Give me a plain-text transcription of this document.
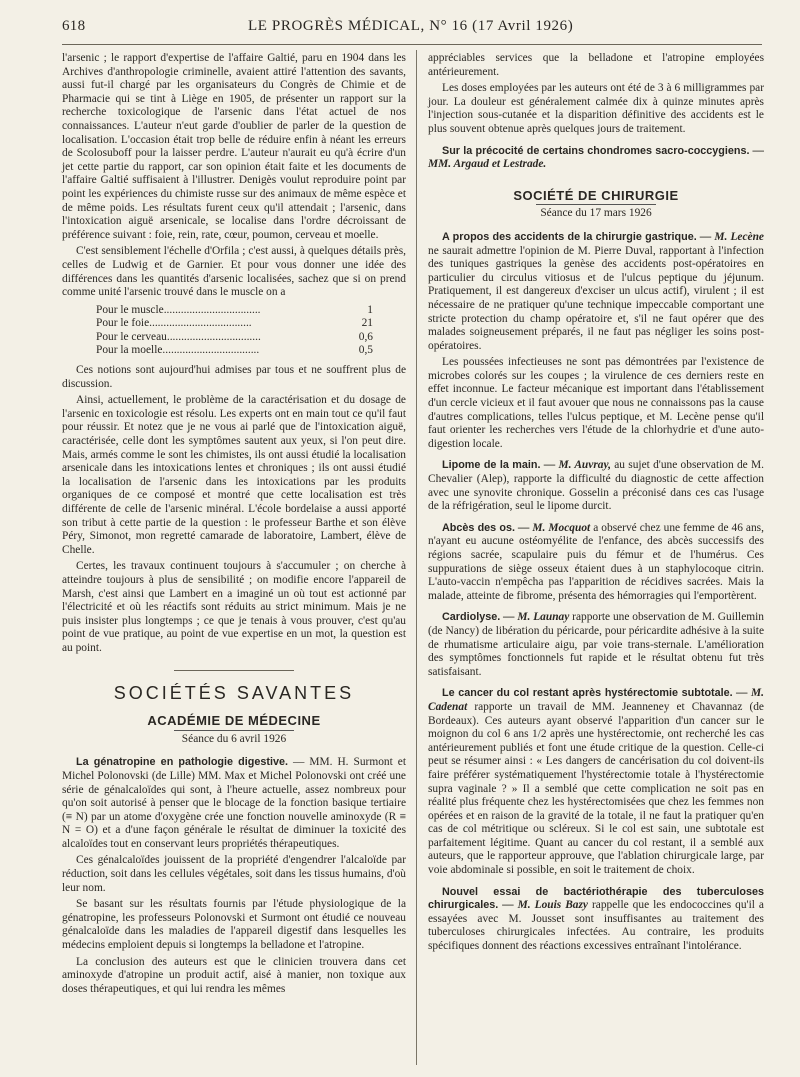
618	LE PROGRÈS MÉDICAL, N° 16 (17 Avril 1926)

l'arsenic ; le rapport d'expertise de l'affaire Galtié, paru en 1904 dans les Archives d'anthropologie criminelle, avaient attiré l'attention des savants, aussi fut-il chargé par les organisateurs du Congrès de Chimie et de Pharmacie qui se tint à Liège en 1905, de présenter un rapport sur la recherche toxicologique de l'arsenic dans l'état actuel de nos connaissances. L'auteur n'eut garde d'oublier de parler de la question de localisation. L'occasion était trop belle de réduire enfin à néant les erreurs de Scolosuboff pour la laisser perdre. L'auteur n'aurait eu qu'à écrire d'un jet cette partie du rapport, car son opinion était faite et les documents de l'affaire Galtié suffisaient à l'illustrer. Denigès voulut reproduire point par point les expériences du chimiste russe sur des animaux de même espèce et de même poids. Les résultats furent ceux qu'il attendait ; l'arsenic, dans l'intoxication aiguë arsenicale, se localise dans l'ordre décroissant de préférence suivant : foie, rein, rate, cœur, poumon, cerveau et moelle.

C'est sensiblement l'échelle d'Orfila ; c'est aussi, à quelques détails près, celles de Ludwig et de Garnier. Et pour vous donner une idée des différences dans les quantités d'arsenic localisées, sachez que si on prend comme unité l'arsenic trouvé dans le muscle on a

Pour le muscle..................................	1
Pour le foie....................................	21
Pour le cerveau.................................	0,6
Pour la moelle..................................	0,5

Ces notions sont aujourd'hui admises par tous et ne souffrent plus de discussion.

Ainsi, actuellement, le problème de la caractérisation et du dosage de l'arsenic en toxicologie est résolu. Les experts ont en main tout ce qu'il faut pour réussir. Et notez que je ne vous ai parlé que de l'intoxication aiguë, caractérisée, celle dont les symptômes sautent aux yeux, si l'on peut dire. Mais, armés comme le sont les chimistes, ils ont aussi étudié la localisation arsenicale dans les intoxications lentes et chroniques ; ils ont aussi étudié la localisation de l'arsenic dans les intoxications par les produits organiques de ce composé et montré que cette localisation est très différente de celle de l'arsenic minéral. L'école bordelaise a aussi apporté son tribut à cette partie de la question : le professeur Barthe et son élève Péry, Simonot, mon regretté camarade de laboratoire, Lambert, élève de Chelle.

Certes, les travaux continuent toujours à s'accumuler ; on cherche à atteindre toujours à plus de sensibilité ; on modifie encore l'appareil de Marsh, c'est ainsi que Lambert en a imaginé un où tout est actionné par l'électricité et où les réactifs sont réduits au strict minimum. Mais je ne puis insister plus longtemps ; ce que je tenais à vous prouver, c'est qu'au point de vue pratique, au point de vue expertise en un mot, la question est au point.

SOCIÉTÉS SAVANTES
ACADÉMIE DE MÉDECINE
Séance du 6 avril 1926

La génatropine en pathologie digestive. — MM. H. Surmont et Michel Polonovski (de Lille) MM. Max et Michel Polonovski ont créé une série de génalcaloïdes qui sont, à l'heure actuelle, assez nombreux pour qu'on soit autorisé à penser que le blocage de la fonction basique tertiaire (≡ N) par un atome d'oxygène crée une fonction nouvelle aminoxyde (R ≡ N = O) et a d'une façon générale le résultat de diminuer la toxicité des alcaloïdes tout en conservant leurs propriétés thérapeutiques.

Ces génalcaloïdes jouissent de la propriété d'engendrer l'alcaloïde par réduction, soit dans les cellules végétales, soit dans les tissus humains, d'où leur nom.

Se basant sur les résultats fournis par l'étude physiologique de la génatropine, les professeurs Polonovski et Surmont ont étudié ce nouveau génalcaloïde dans les maladies de l'appareil digestif dans lesquelles les médecins emploient depuis si longtemps la belladone et l'atropine.

La conclusion des auteurs est que le clinicien trouvera dans cet aminoxyde d'atropine un produit actif, aisé à manier, non toxique aux doses thérapeutiques, et qui lui rendra les mêmes

appréciables services que la belladone et l'atropine employées antérieurement.

Les doses employées par les auteurs ont été de 3 à 6 milligrammes par jour. La douleur est généralement calmée dix à quinze minutes après l'injection sous-cutanée et la disparition définitive des accidents est le plus souvent obtenue après quelques jours de traitement.

Sur la précocité de certains chondromes sacro-coccygiens. — MM. Argaud et Lestrade.

SOCIÉTÉ DE CHIRURGIE
Séance du 17 mars 1926

A propos des accidents de la chirurgie gastrique. — M. Lecène ne saurait admettre l'opinion de M. Pierre Duval, rapportant à l'infection des tuniques gastriques la genèse des accidents post-opératoires en particulier du circulus vitiosus et de l'ulcus peptique du jéjunum. Pratiquement, il est dangereux d'exciser un ulcus actif), virulent ; il est nécessaire de ne pratiquer qu'une technique impeccable comportant une stricte protection du champ opératoire et, s'il ne faut opérer que des malades soigneusement préparés, il ne faut pas négliger les soins post-opératoires.

Les poussées infectieuses ne sont pas démontrées par l'existence de microbes colorés sur les coupes ; la virulence de ces derniers reste en effet inconnue. Le facteur mécanique est important dans l'établissement d'un cercle vicieux et il faut avouer que nous ne connaissons pas la cause d'autres complications, telles l'ulcus peptique, et M. Lecène pense qu'il faut orienter les recherches vers l'étude de la chlorhydrie et d'une auto-digestion locale.

Lipome de la main. — M. Auvray, au sujet d'une observation de M. Chevalier (Alep), rapporte la difficulté du diagnostic de cette affection avec une synovite chronique. Gosselin a préconisé dans ces cas l'usage de la réfrigération, seul le lipome durcit.

Abcès des os. — M. Mocquot a observé chez une femme de 46 ans, n'ayant eu aucune ostéomyélite de l'enfance, des abcès successifs des régions sacrée, scapulaire puis du fémur et de l'humérus. Ces suppurations de siège osseux étaient dues à un staphylocoque citrin. L'auto-vaccin n'empêcha pas l'apparition de récidives sacrées. Mais la malade, atteinte de fibrome, présenta des hémorragies qui l'emportèrent.

Cardiolyse. — M. Launay rapporte une observation de M. Guillemin (de Nancy) de libération du péricarde, pour péricardite adhésive à la suite de rhumatisme articulaire aigu, par voie trans-sternale. L'amélioration des symptômes fonctionnels fut rapide et le résultat obtenu fut très satisfaisant.

Le cancer du col restant après hystérectomie subtotale. — M. Cadenat rapporte un travail de MM. Jeanneney et Chavannaz (de Bordeaux). Ces auteurs ayant observé l'apparition d'un cancer sur le moignon du col 6 ans 1/2 après une hystérectomie, ont recherché les cas antérieurement publiés et font une étude critique de la question. Celle-ci peut se résumer ainsi : « Les dangers de cancérisation du col doivent-ils faire préférer systématiquement l'hystérectomie totale à l'hystérectomie supra vaginale ? » Il a semblé que cette complication ne soit pas en réalité plus fréquente chez les hystérectomisées que chez les femmes non opérées et en raison de la gravité de la totale, il ne faut la pratiquer qu'en cas de col métritique ou scléreux. Si le col est sain, une subtotale est parfaitement légitime. Quant au cancer du col restant, il a semblé aux auteurs, que le rapporteur approuve, que l'ablation chirurgicale large, par voie abdominale si possible, en soit le traitement de choix.

Nouvel essai de bactériothérapie des tuberculoses chirurgicales. — M. Louis Bazy rappelle que les endococcines qu'il a essayées avec M. Jousset sont insuffisantes au traitement des tuberculoses chirurgicales infectées. Au contraire, les produits spécifiques donnent des réactions excessives entraînant l'intolérance.
